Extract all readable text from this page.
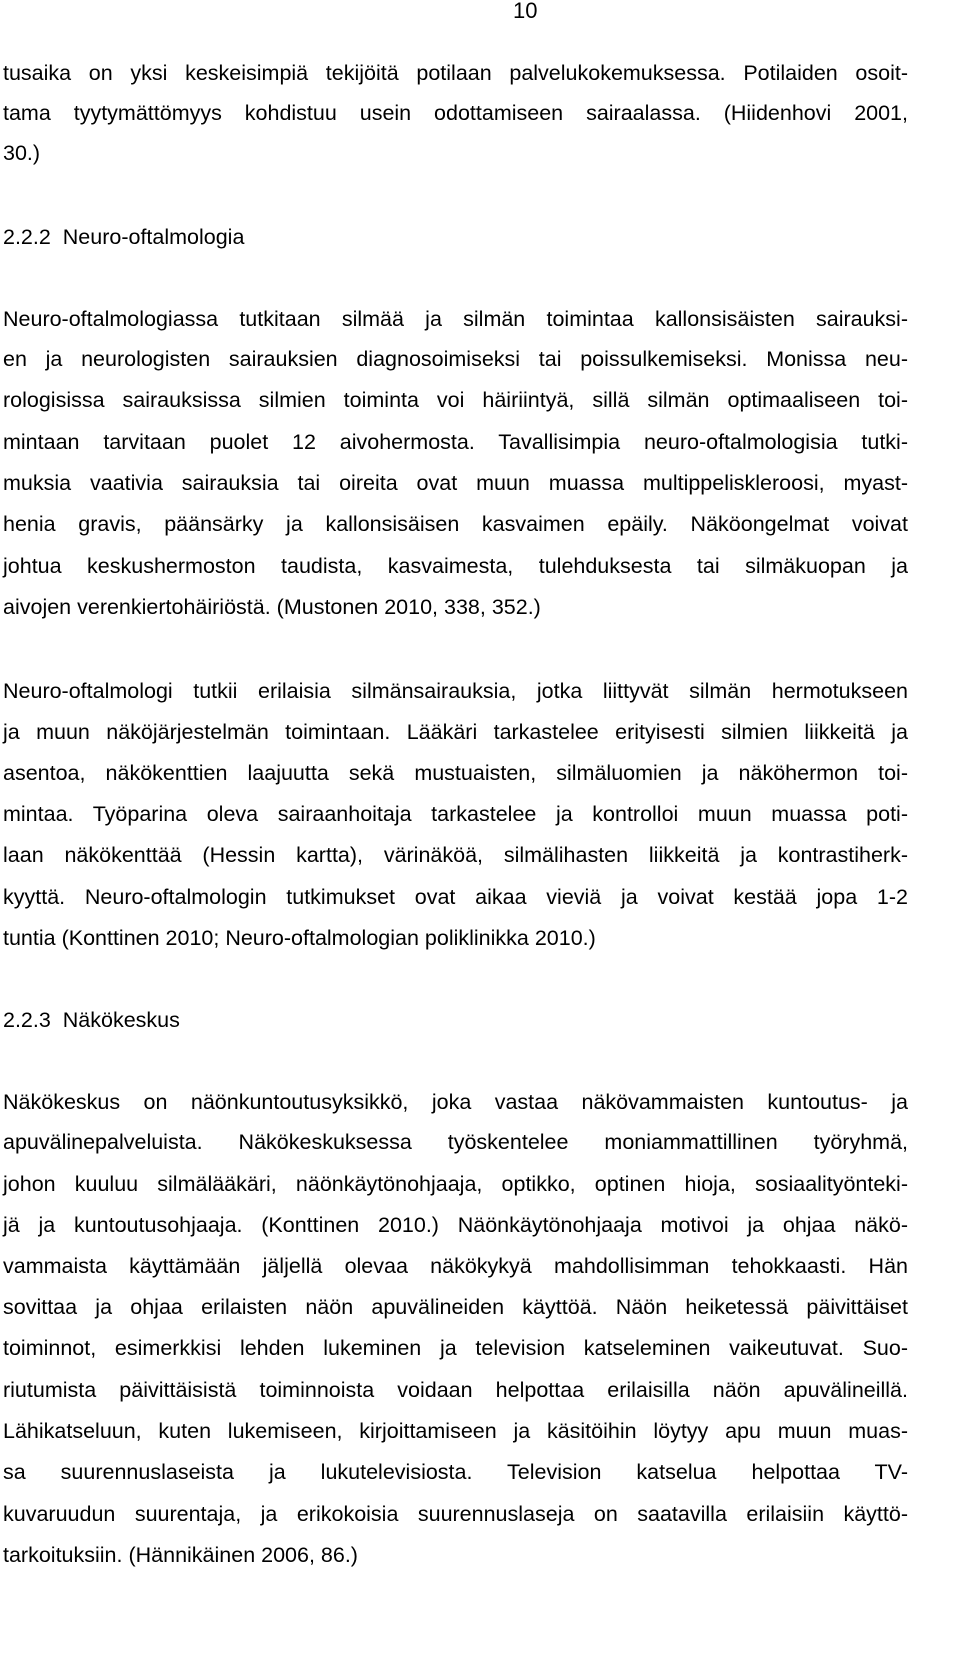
10
tusaika on yksi keskeisimpiä tekijöitä potilaan palvelukokemuksessa. Potilaiden osoit-
tama tyytymättömyys kohdistuu usein odottamiseen sairaalassa. (Hiidenhovi 2001,
30.)
2.2.2  Neuro-oftalmologia
Neuro-oftalmologiassa tutkitaan silmää ja silmän toimintaa kallonsisäisten sairauksi-
en ja neurologisten sairauksien diagnosoimiseksi tai poissulkemiseksi. Monissa neu-
rologisissa sairauksissa silmien toiminta voi häiriintyä, sillä silmän optimaaliseen toi-
mintaan tarvitaan puolet 12 aivohermosta. Tavallisimpia neuro-oftalmologisia tutki-
muksia vaativia sairauksia tai oireita ovat muun muassa multippeliskleroosi, myast-
henia gravis, päänsärky ja kallonsisäisen kasvaimen epäily. Näköongelmat voivat
johtua keskushermoston taudista, kasvaimesta, tulehduksesta tai silmäkuopan ja
aivojen verenkiertohäiriöstä. (Mustonen 2010, 338, 352.)
Neuro-oftalmologi tutkii erilaisia silmänsairauksia, jotka liittyvät silmän hermotukseen
ja muun näköjärjestelmän toimintaan. Lääkäri tarkastelee erityisesti silmien liikkeitä ja
asentoa, näkökenttien laajuutta sekä mustuaisten, silmäluomien ja näköhermon toi-
mintaa. Työparina oleva sairaanhoitaja tarkastelee ja kontrolloi muun muassa poti-
laan näkökenttää (Hessin kartta), värinäköä, silmälihasten liikkeitä ja kontrastiherk-
kyyttä. Neuro-oftalmologin tutkimukset ovat aikaa vieviä ja voivat kestää jopa 1-2
tuntia (Konttinen 2010; Neuro-oftalmologian poliklinikka 2010.)
2.2.3  Näkökeskus
Näkökeskus on näönkuntoutusyksikkö, joka vastaa näkövammaisten kuntoutus- ja
apuvälinepalveluista. Näkökeskuksessa työskentelee moniammattillinen työryhmä,
johon kuuluu silmälääkäri, näönkäytönohjaaja, optikko, optinen hioja, sosiaalityönteki-
jä ja kuntoutusohjaaja. (Konttinen 2010.) Näönkäytönohjaaja motivoi ja ohjaa näkö-
vammaista käyttämään jäljellä olevaa näkökykyä mahdollisimman tehokkaasti. Hän
sovittaa ja ohjaa erilaisten näön apuvälineiden käyttöä. Näön heiketessä päivittäiset
toiminnot, esimerkkisi lehden lukeminen ja television katseleminen vaikeutuvat. Suo-
riutumista päivittäisistä toiminnoista voidaan helpottaa erilaisilla näön apuvälineillä.
Lähikatseluun, kuten lukemiseen, kirjoittamiseen ja käsitöihin löytyy apu muun muas-
sa suurennuslaseista ja lukutelevisiosta. Television katselua helpottaa TV-
kuvaruudun suurentaja, ja erikokoisia suurennuslaseja on saatavilla erilaisiin käyttö-
tarkoituksiin. (Hännikäinen 2006, 86.)
